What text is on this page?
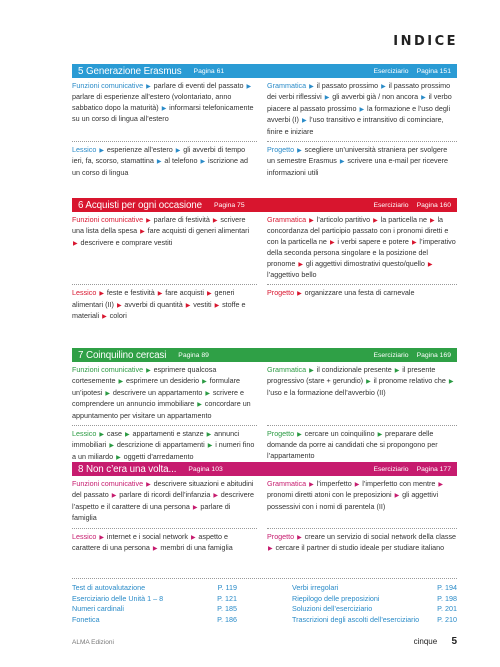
INDICE
5 Generazione Erasmus Pagina 61	Eserciziario Pagina 151
Funzioni comunicative ▶ parlare di eventi del passato ▶ parlare di esperienze all’estero (volontariato, anno sabbatico dopo la maturità) ▶ informarsi telefonicamente su un corso di lingua all’estero
Grammatica ▶ il passato prossimo ▶ il passato prossimo dei verbi riflessivi ▶ gli avverbi già / non ancora ▶ il verbo piacere al passato prossimo ▶ la formazione e l’uso degli avverbi (I) ▶ l’uso transitivo e intransitivo di cominciare, finire e iniziare
Lessico ▶ esperienze all’estero ▶ gli avverbi di tempo ieri, fa, scorso, stamattina ▶ al telefono ▶ iscrizione ad un corso di lingua
Progetto ▶ scegliere un’università straniera per svolgere un semestre Erasmus ▶ scrivere una e-mail per ricevere informazioni utili
6 Acquisti per ogni occasione Pagina 75	Eserciziario Pagina 160
Funzioni comunicative ▶ parlare di festività ▶ scrivere una lista della spesa ▶ fare acquisti di generi alimentari ▶ descrivere e comprare vestiti
Grammatica ▶ l’articolo partitivo ▶ la particella ne ▶ la concordanza del participio passato con i pronomi diretti e con la particella ne ▶ i verbi sapere e potere ▶ l’imperativo della seconda persona singolare e la posizione del pronome ▶ gli aggettivi dimostrativi questo/quello ▶ l’aggettivo bello
Lessico ▶ feste e festività ▶ fare acquisti ▶ generi alimentari (II) ▶ avverbi di quantità ▶ vestiti ▶ stoffe e materiali ▶ colori
Progetto ▶ organizzare una festa di carnevale
7 Coinquilino cercasi Pagina 89	Eserciziario Pagina 169
Funzioni comunicative ▶ esprimere qualcosa cortesemente ▶ esprimere un desiderio ▶ formulare un’ipotesi ▶ descrivere un appartamento ▶ scrivere e comprendere un annuncio immobiliare ▶ concordare un appuntamento per visitare un appartamento
Grammatica ▶ il condizionale presente ▶ il presente progressivo (stare + gerundio) ▶ il pronome relativo che ▶ l’uso e la formazione dell’avverbio (II)
Lessico ▶ case ▶ appartamenti e stanze ▶ annunci immobiliari ▶ descrizione di appartamenti ▶ i numeri fino a un miliardo ▶ oggetti d’arredamento
Progetto ▶ cercare un coinquilino ▶ preparare delle domande da porre ai candidati che si propongono per l’appartamento
8 Non c’era una volta... Pagina 103	Eserciziario Pagina 177
Funzioni comunicative ▶ descrivere situazioni e abitudini del passato ▶ parlare di ricordi dell’infanzia ▶ descrivere l’aspetto e il carattere di una persona ▶ parlare di famiglia
Grammatica ▶ l’imperfetto ▶ l’imperfetto con mentre ▶ pronomi diretti atoni con le preposizioni ▶ gli aggettivi possessivi con i nomi di parentela (II)
Lessico ▶ internet e i social network ▶ aspetto e carattere di una persona ▶ membri di una famiglia
Progetto ▶ creare un servizio di social network della classe ▶ cercare il partner di studio ideale per studiare italiano
Test di autovalutazione	P. 119
Eserciziario delle Unità 1 – 8	P. 121
Numeri cardinali	P. 185
Fonetica	P. 186
Verbi irregolari	P. 194
Riepilogo delle preposizioni	P. 198
Soluzioni dell’eserciziario	P. 201
Trascrizioni degli ascolti dell’eserciziario P. 210
ALMA Edizioni	cinque 5
